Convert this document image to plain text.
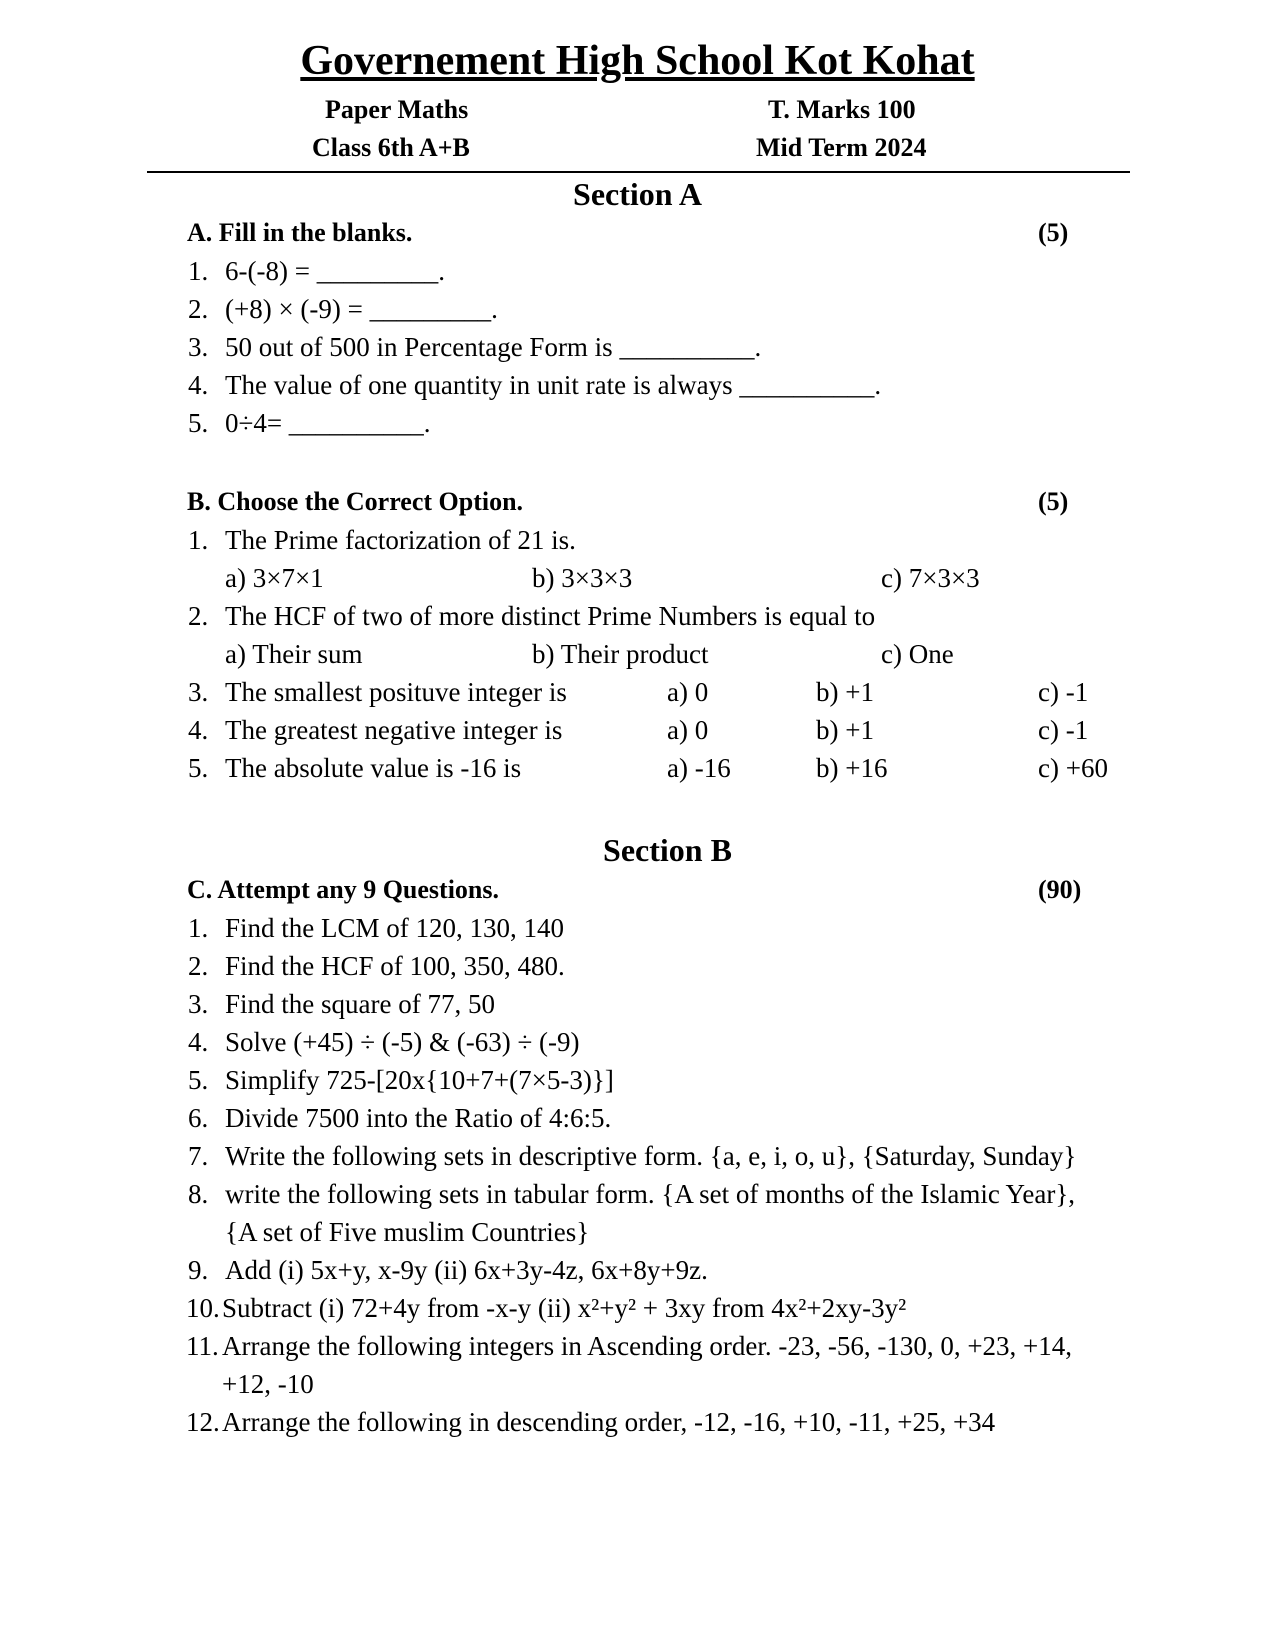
Governement High School Kot Kohat
Paper Maths	T. Marks 100
Class 6th A+B	Mid Term 2024
Section A
A. Fill in the blanks.	(5)
1. 6-(-8) = _________.
2. (+8) × (-9) = _________.
3. 50 out of 500 in Percentage Form is __________.
4. The value of one quantity in unit rate is always __________.
5. 0÷4= __________.
B. Choose the Correct Option.	(5)
1. The Prime factorization of 21 is.
a) 3×7×1	b) 3×3×3	c) 7×3×3
2. The HCF of two of more distinct Prime Numbers is equal to
a) Their sum	b) Their product	c) One
3. The smallest posituve integer is	a) 0	b) +1	c) -1
4. The greatest negative integer is	a) 0	b) +1	c) -1
5. The absolute value is -16 is	a) -16	b) +16	c) +60
Section B
C. Attempt any 9 Questions.	(90)
1. Find the LCM of 120, 130, 140
2. Find the HCF of 100, 350, 480.
3. Find the square of 77, 50
4. Solve (+45) ÷ (-5) & (-63) ÷ (-9)
5. Simplify 725-[20x{10+7+(7×5-3)}]
6. Divide 7500 into the Ratio of 4:6:5.
7. Write the following sets in descriptive form. {a, e, i, o, u}, {Saturday, Sunday}
8. write the following sets in tabular form. {A set of months of the Islamic Year},
{A set of Five muslim Countries}
9. Add (i) 5x+y, x-9y (ii) 6x+3y-4z, 6x+8y+9z.
10. Subtract (i) 72+4y from -x-y (ii) x²+y² + 3xy from 4x²+2xy-3y²
11. Arrange the following integers in Ascending order. -23, -56, -130, 0, +23, +14,
+12, -10
12. Arrange the following in descending order, -12, -16, +10, -11, +25, +34
